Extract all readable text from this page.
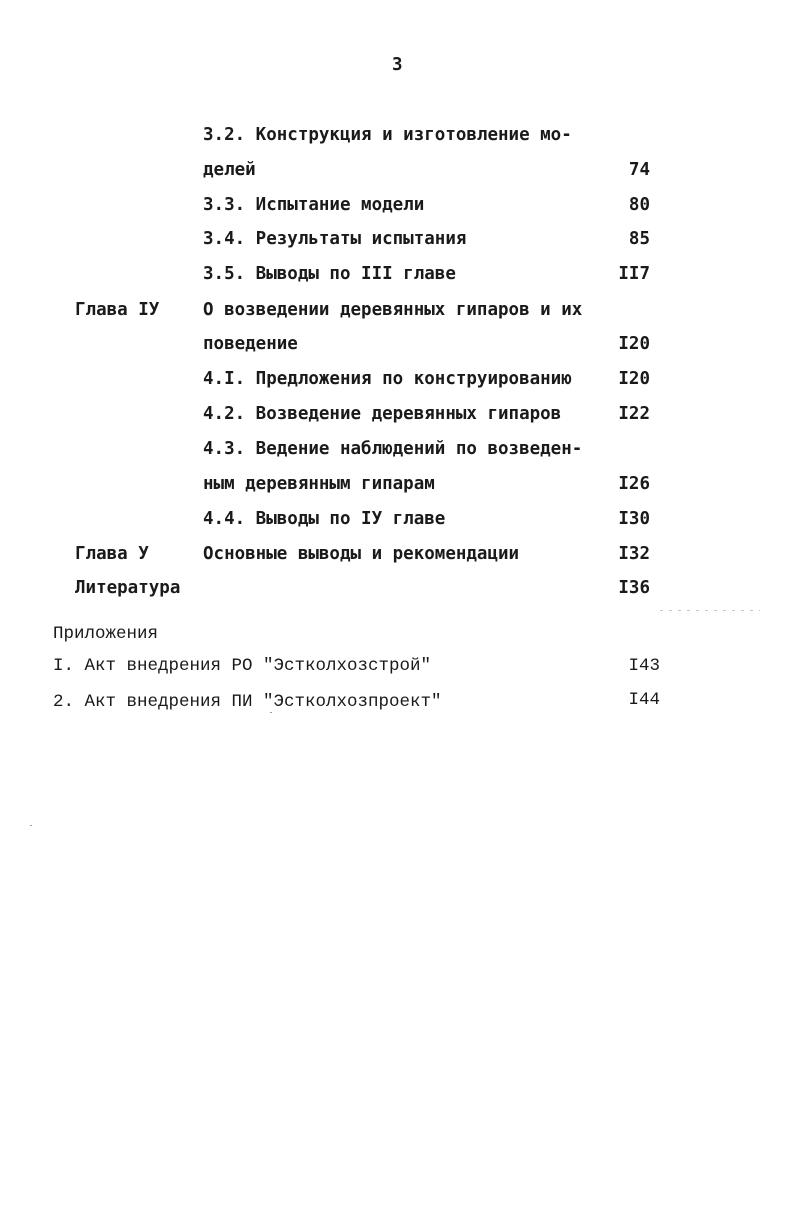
3
3.2. Конструкция и изготовление мо-
делей	74
3.3. Испытание модели	80
3.4. Результаты испытания	85
3.5. Выводы по III главе	II7
Глава IУ О возведении деревянных гипаров и их
поведение	I20
4.I. Предложения по конструированию	I20
4.2. Возведение деревянных гипаров	I22
4.3. Ведение наблюдений по возведен-
ным деревянным гипарам	I26
4.4. Выводы по IУ главе	I30
Глава У	Основные выводы и рекомендации	I32
Литература	I36
Приложения
I. Акт внедрения РО "Эстколхозстрой"	I43
2. Акт внедрения ПИ "Эстколхозпроект"	I44
